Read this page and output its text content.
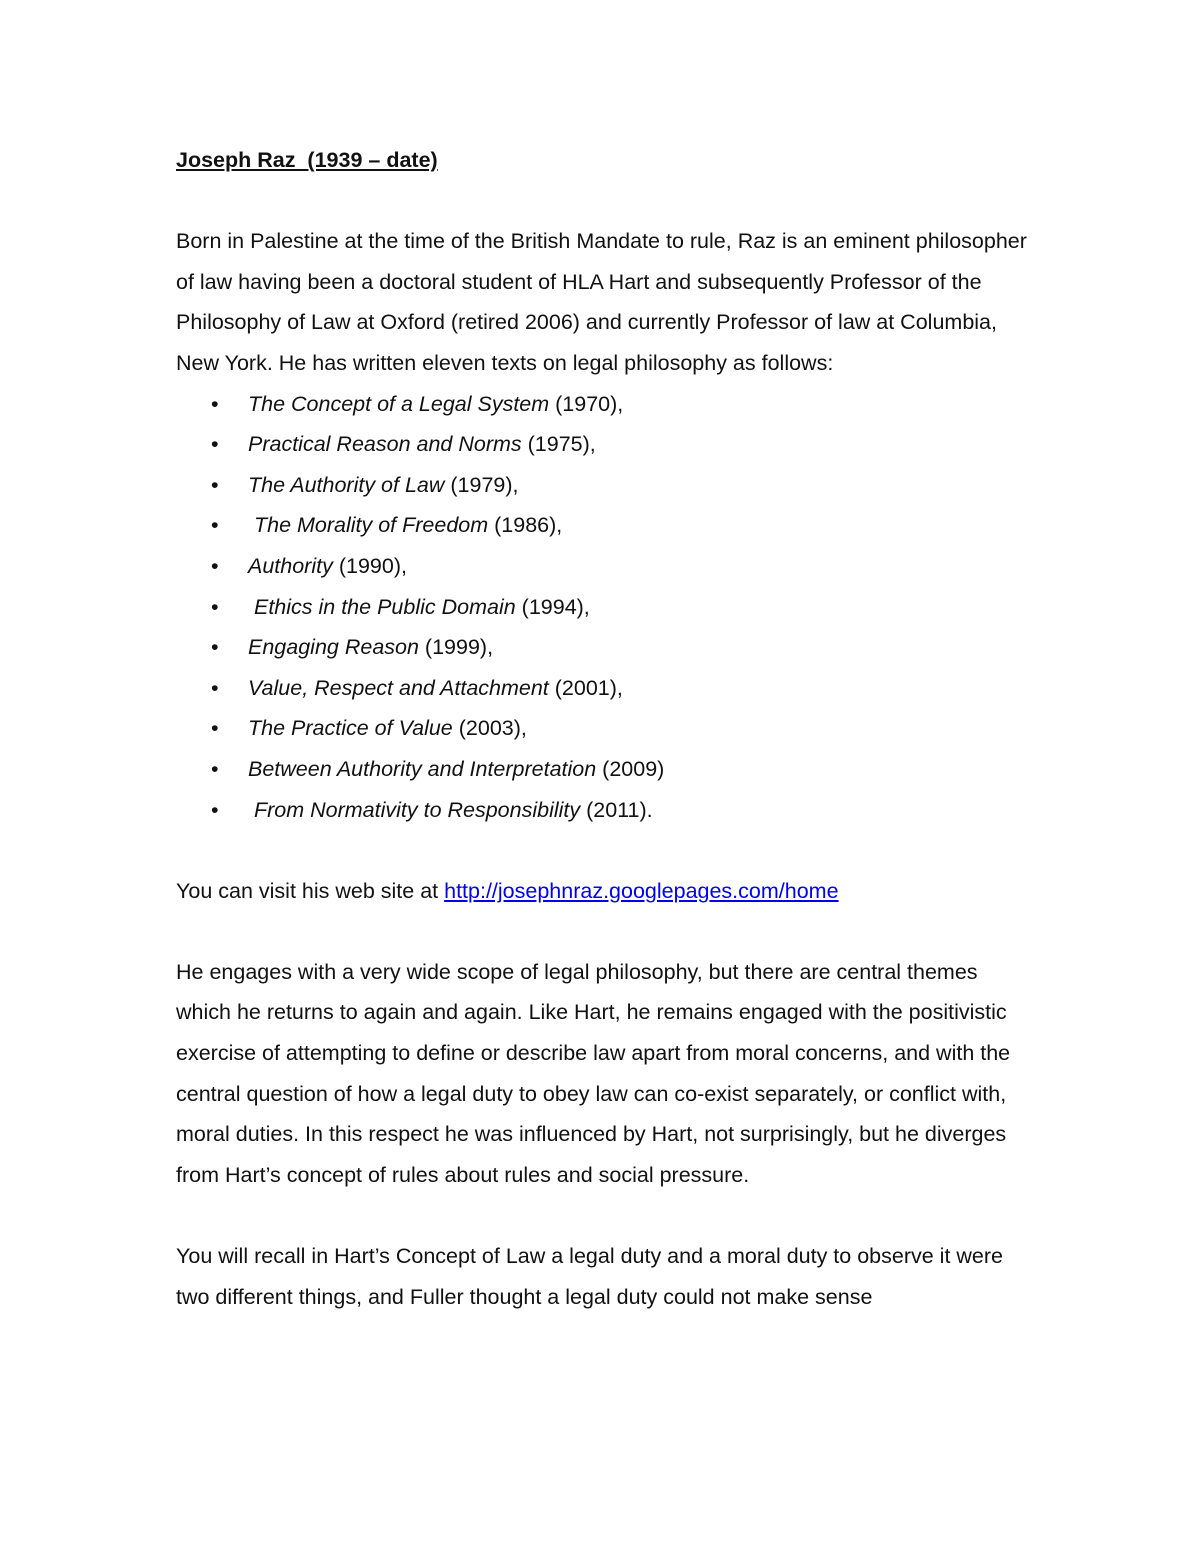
Joseph Raz  (1939 – date)

Born in Palestine at the time of the British Mandate to rule, Raz is an eminent philosopher of law having been a doctoral student of HLA Hart and subsequently Professor of the Philosophy of Law at Oxford (retired 2006) and currently Professor of law at Columbia, New York. He has written eleven texts on legal philosophy as follows:

• The Concept of a Legal System (1970),
• Practical Reason and Norms (1975),
• The Authority of Law (1979),
• The Morality of Freedom (1986),
• Authority (1990),
• Ethics in the Public Domain (1994),
• Engaging Reason (1999),
• Value, Respect and Attachment (2001),
• The Practice of Value (2003),
• Between Authority and Interpretation (2009)
• From Normativity to Responsibility (2011).

You can visit his web site at http://josephnraz.googlepages.com/home

He engages with a very wide scope of legal philosophy, but there are central themes which he returns to again and again. Like Hart, he remains engaged with the positivistic exercise of attempting to define or describe law apart from moral concerns, and with the central question of how a legal duty to obey law can co-exist separately, or conflict with, moral duties. In this respect he was influenced by Hart, not surprisingly, but he diverges from Hart’s concept of rules about rules and social pressure.

You will recall in Hart’s Concept of Law a legal duty and a moral duty to observe it were two different things, and Fuller thought a legal duty could not make sense
